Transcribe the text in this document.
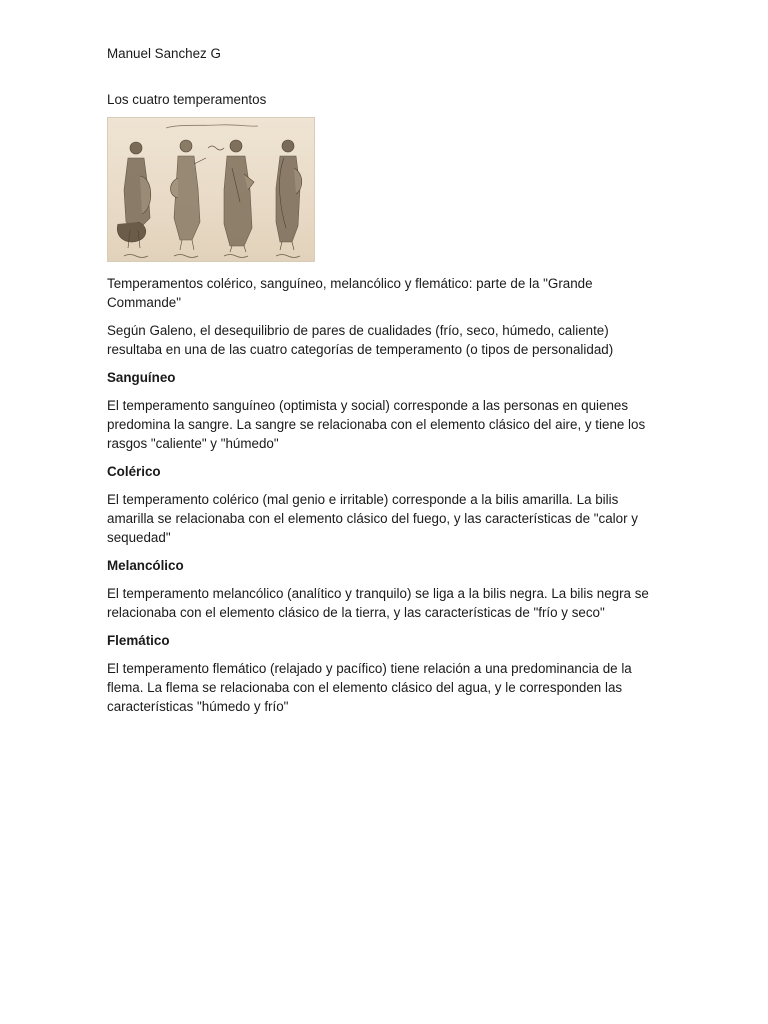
Manuel Sanchez G

Los cuatro temperamentos

Temperamentos colérico, sanguíneo, melancólico y flemático: parte de la "Grande Commande"

Según Galeno, el desequilibrio de pares de cualidades (frío, seco, húmedo, caliente) resultaba en una de las cuatro categorías de temperamento (o tipos de personalidad)

Sanguíneo

El temperamento sanguíneo (optimista y social) corresponde a las personas en quienes predomina la sangre. La sangre se relacionaba con el elemento clásico del aire, y tiene los rasgos "caliente" y "húmedo"

Colérico

El temperamento colérico (mal genio e irritable) corresponde a la bilis amarilla. La bilis amarilla se relacionaba con el elemento clásico del fuego, y las características de "calor y sequedad"

Melancólico

El temperamento melancólico (analítico y tranquilo) se liga a la bilis negra. La bilis negra se relacionaba con el elemento clásico de la tierra, y las características de "frío y seco"

Flemático

El temperamento flemático (relajado y pacífico) tiene relación a una predominancia de la flema. La flema se relacionaba con el elemento clásico del agua, y le corresponden las características "húmedo y frío"
